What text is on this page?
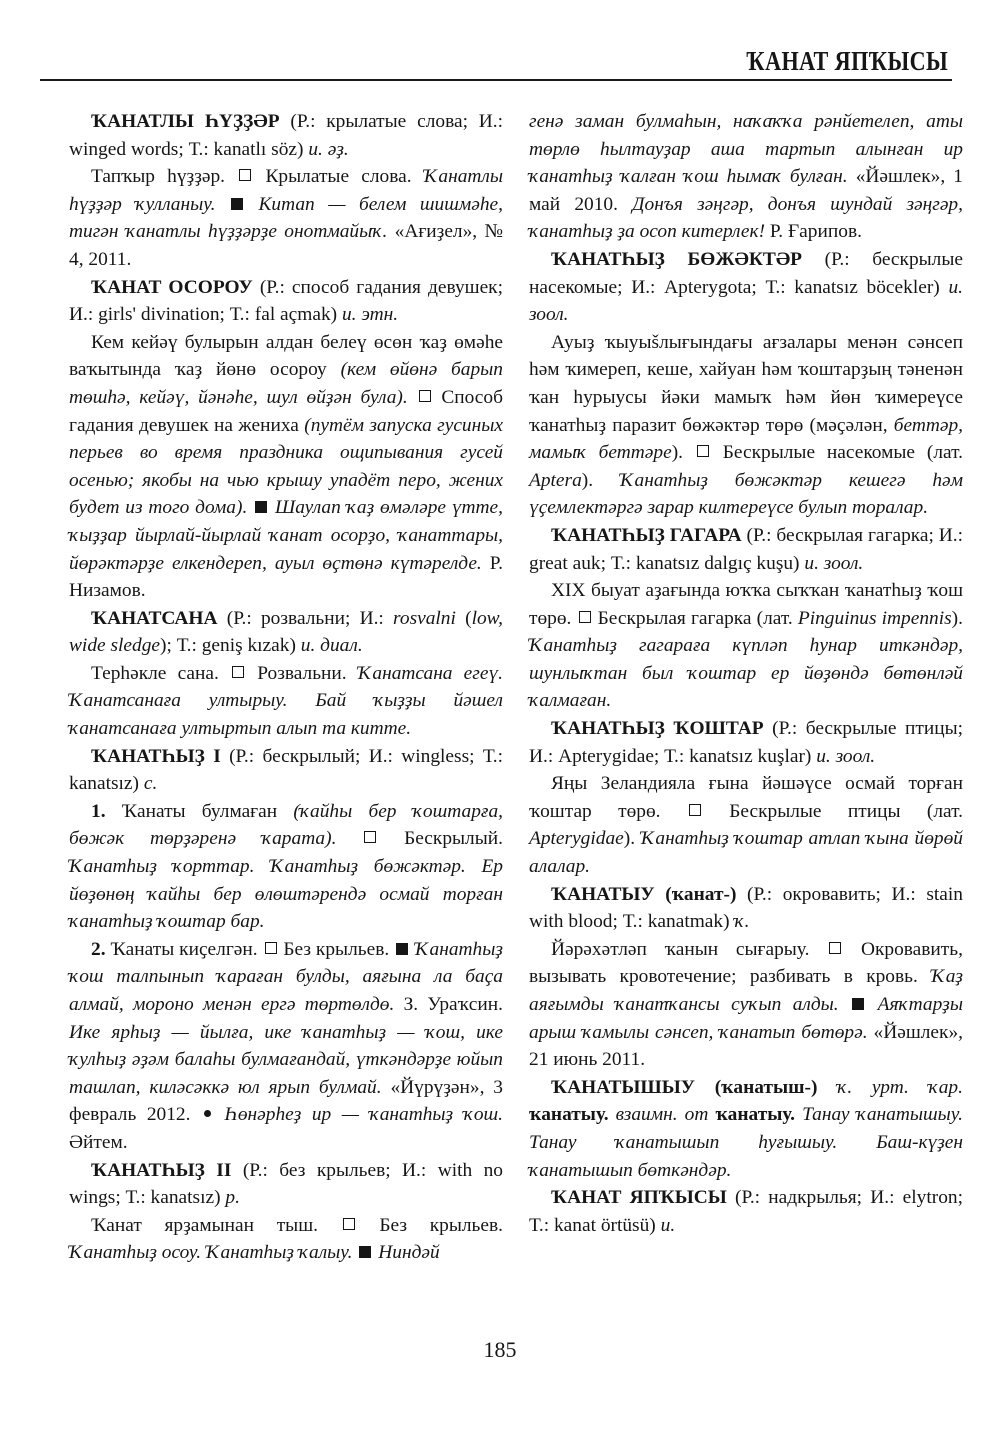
ҠАНАТ ЯПҠЫСЫ

ҠАНАТЛЫ ҺҮҘҘӘР (Р.: крылатые слова; И.: winged words; Т.: kanatlı söz) и. әҙ.

Тапҡыр һүҙҙәр. Крылатые слова. Ҡанатлы һүҙҙәр ҡулланыу. Китап — белем шишмәһе, тигән ҡанатлы һүҙҙәрҙе онотмайыҡ. «Ағиҙел», № 4, 2011.

ҠАНАТ ОСОРОУ (Р.: способ гадания девушек; И.: girls' divination; Т.: fal açmak) и. этн.

Кем кейәү булырын алдан белеү өсөн ҡаҙ өмәһе ваҡытында ҡаҙ йөнө осороу (кем өйөнә барып төшһә, кейәү, йәнәһе, шул өйҙән була). Способ гадания девушек на жениха (путём запуска гусиных перьев во время праздника ощипывания гусей осенью; якобы на чью крышу упадёт перо, жених будет из того дома). Шаулап ҡаҙ өмәләре үтте, ҡыҙҙар йырлай-йырлай ҡанат осорҙо, ҡанаттары, йөрәктәрҙе елкендереп, ауыл өҫтөнә күтәрелде. Р. Низамов.

ҠАНАТСАНА (Р.: розвальни; И.: rosvalni (low, wide sledge); Т.: geniş kızak) и. диал.

Терһәкле сана. Розвальни. Ҡанатсана егеү. Ҡанатсанаға ултырыу. Бай ҡыҙҙы йәшел ҡанатсанаға ултыртып алып та китте.

ҠАНАТҺЫҘ I (Р.: бескрылый; И.: wingless; Т.: kanatsız) с.

1. Ҡанаты булмаған (ҡайһы бер ҡоштарға, бөжәк төрҙәренә ҡарата).	Бескрылый. Ҡанатһыҙ ҡорттар. Ҡанатһыҙ бөжәктәр. Ер йөҙөнөң ҡайһы бер өлөштәрендә осмай торған ҡанатһыҙ ҡоштар бар.

2. Ҡанаты киҫелгән. Без крыльев. Ҡанатһыҙ ҡош талпынып ҡараған булды, аяғына ла баҫа алмай, мороно менән ергә төртөлдө. З. Ураҡсин. Ике ярһыҙ — йылға, ике ҡанатһыҙ — ҡош, ике ҡулһыҙ әҙәм балаһы булмағандай, үткәндәрҙе юйып ташлап, киләсәккә юл ярып булмай. «Йүрүҙән», 3 февраль 2012. Һөнәрһеҙ ир — ҡанатһыҙ ҡош. Әйтем.

ҠАНАТҺЫҘ II (Р.: без крыльев; И.: with no wings; Т.: kanatsız) р.

Ҡанат ярҙамынан тыш.	Без крыльев. Ҡанатһыҙ осоу. Ҡанатһыҙ ҡалыу. Ниндәй

генә заман булмаһын, наҡаҡҡа рәнйетелеп, аты төрлө һылтауҙар аша тартып алынған ир ҡанатһыҙ ҡалған ҡош һымаҡ булған. «Йәшлек», 1 май 2010. Донъя зәңгәр, донъя шундай зәңгәр, ҡанатһыҙ ҙа осоп китерлек! Р. Ғарипов.

ҠАНАТҺЫҘ БӨЖӘКТӘР (Р.: бескрылые насекомые; И.: Apterygota; Т.: kanatsız böcekler) и. зоол.

Ауыҙ ҡыуыšлығындағы ағзалары менән сәнсеп һәм ҡимереп, кеше, хайуан һәм ҡоштарҙың тәненән ҡан һурыусы йәки мамыҡ һәм йөн ҡимереүсе ҡанатһыҙ паразит бөжәктәр төрө (мәҫәлән, беттәр, мамыҡ беттәре). Бескрылые насекомые (лат. Aptera). Ҡанатһыҙ бөжәктәр кешегә һәм үҫемлектәргә зарар килтереүсе булып торалар.

ҠАНАТҺЫҘ ГАГАРА (Р.: бескрылая гагарка; И.: great auk; Т.: kanatsız dalgıç kuşu) и. зоол.

XIX быуат аҙағында юҡҡа сыҡҡан ҡанатһыҙ ҡош төрө. Бескрылая гагарка (лат. Pinguinus impennis). Ҡанатһыҙ гагараға күпләп һунар иткәндәр, шунлыҡтан был ҡоштар ер йөҙөндә бөтөнләй ҡалмаған.

ҠАНАТҺЫҘ ҠОШТАР (Р.: бескрылые птицы; И.: Apterygidae; Т.: kanatsız kuşlar) и. зоол.

Яңы Зеландияла ғына йәшәүсе осмай торған ҡоштар төрө.	Бескрылые птицы (лат. Apterygidae). Ҡанатһыҙ ҡоштар атлап ҡына йөрөй алалар.

ҠАНАТЫУ (ҡанат-) (Р.: окровавить; И.: stain with blood; Т.: kanatmak) ҡ.

Йәрәхәтләп ҡанын сығарыу.	Окровавить, вызывать кровотечение; разбивать в кровь. Ҡаҙ аяғымды ҡанатҡансы суҡып алды. Аяҡтарҙы арыш ҡамылы сәнсеп, ҡанатып бөтөрә. «Йәшлек», 21 июнь 2011.

ҠАНАТЫШЫУ (ҡанатыш-) ҡ. урт. ҡар. ҡанатыу. взаимн. от ҡанатыу. Танау ҡанатышыу. Танау ҡанатышып һуғышыу. Баш-күҙен ҡанатышып бөткәндәр.

ҠАНАТ ЯПҠЫСЫ (Р.: надкрылья; И.: elytron; Т.: kanat örtüsü) и.

185
